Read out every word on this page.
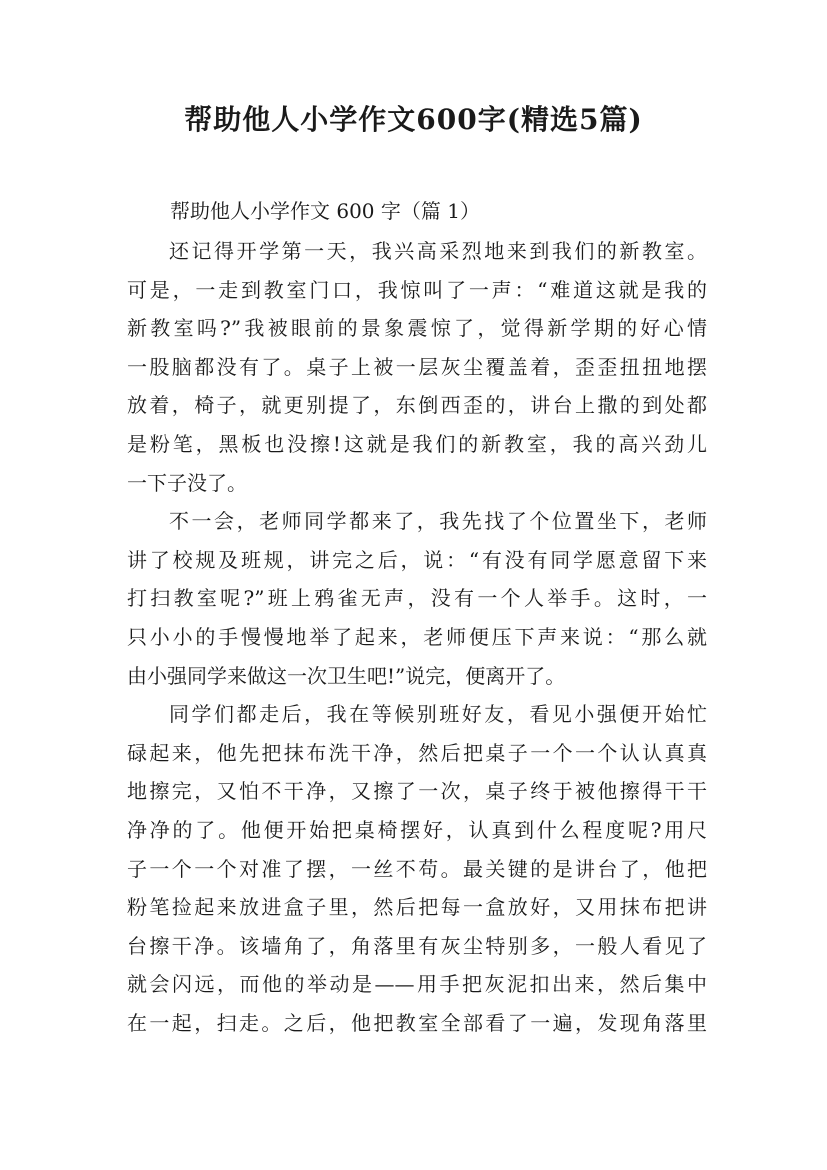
帮助他人小学作文600字(精选5篇)
帮助他人小学作文 600 字（篇 1）
还记得开学第一天，我兴高采烈地来到我们的新教室。
可是，一走到教室门口，我惊叫了一声：“难道这就是我的
新教室吗?”我被眼前的景象震惊了，觉得新学期的好心情
一股脑都没有了。桌子上被一层灰尘覆盖着，歪歪扭扭地摆
放着，椅子，就更别提了，东倒西歪的，讲台上撒的到处都
是粉笔，黑板也没擦!这就是我们的新教室，我的高兴劲儿
一下子没了。
不一会，老师同学都来了，我先找了个位置坐下，老师
讲了校规及班规，讲完之后，说：“有没有同学愿意留下来
打扫教室呢?”班上鸦雀无声，没有一个人举手。这时，一
只小小的手慢慢地举了起来，老师便压下声来说：“那么就
由小强同学来做这一次卫生吧!”说完，便离开了。
同学们都走后，我在等候别班好友，看见小强便开始忙
碌起来，他先把抹布洗干净，然后把桌子一个一个认认真真
地擦完，又怕不干净，又擦了一次，桌子终于被他擦得干干
净净的了。他便开始把桌椅摆好，认真到什么程度呢?用尺
子一个一个对准了摆，一丝不苟。最关键的是讲台了，他把
粉笔捡起来放进盒子里，然后把每一盒放好，又用抹布把讲
台擦干净。该墙角了，角落里有灰尘特别多，一般人看见了
就会闪远，而他的举动是——用手把灰泥扣出来，然后集中
在一起，扫走。之后，他把教室全部看了一遍，发现角落里
